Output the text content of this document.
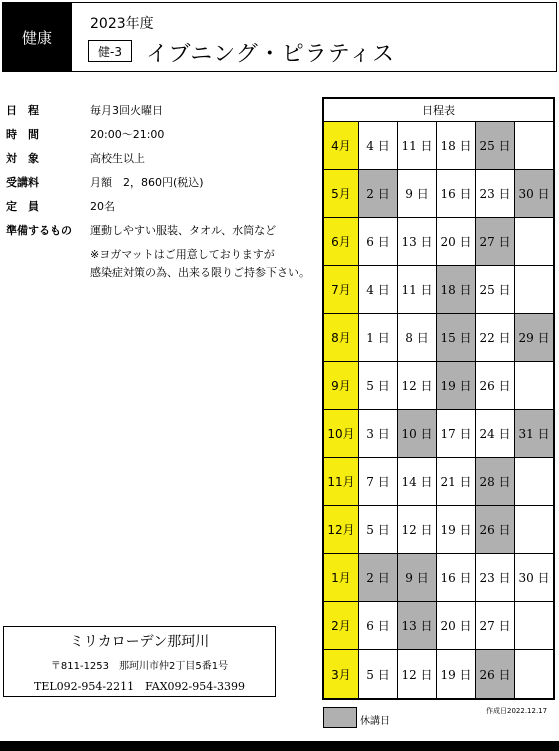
健康
2023年度
健-3	イブニング・ピラティス
日　程	毎月3回火曜日
時　間	20:00～21:00
対　象	高校生以上
受講料	月額　2，860円(税込)
定　員	20名
準備するもの 運動しやすい服装、タオル、水筒など
※ヨガマットはご用意しておりますが
感染症対策の為、出来る限りご持参下さい。
日程表
4月	4 日 11 日 18 日 25 日
5月	2 日	9 日 16 日 23 日 30 日
6月	6 日 13 日 20 日 27 日
7月	4 日 11 日 18 日 25 日
8月	1 日	8 日 15 日 22 日 29 日
9月	5 日 12 日 19 日 26 日
10月 3 日 10 日 17 日 24 日 31 日
11月 7 日 14 日 21 日 28 日
12月 5 日 12 日 19 日 26 日
1月	2 日	9 日 16 日 23 日 30 日
2月	6 日 13 日 20 日 27 日
3月	5 日 12 日 19 日 26 日
休講日
作成日2022.12.17
ミリカローデン那珂川
〒811-1253　那珂川市仲2丁目5番1号
TEL092-954-2211　FAX092-954-3399
